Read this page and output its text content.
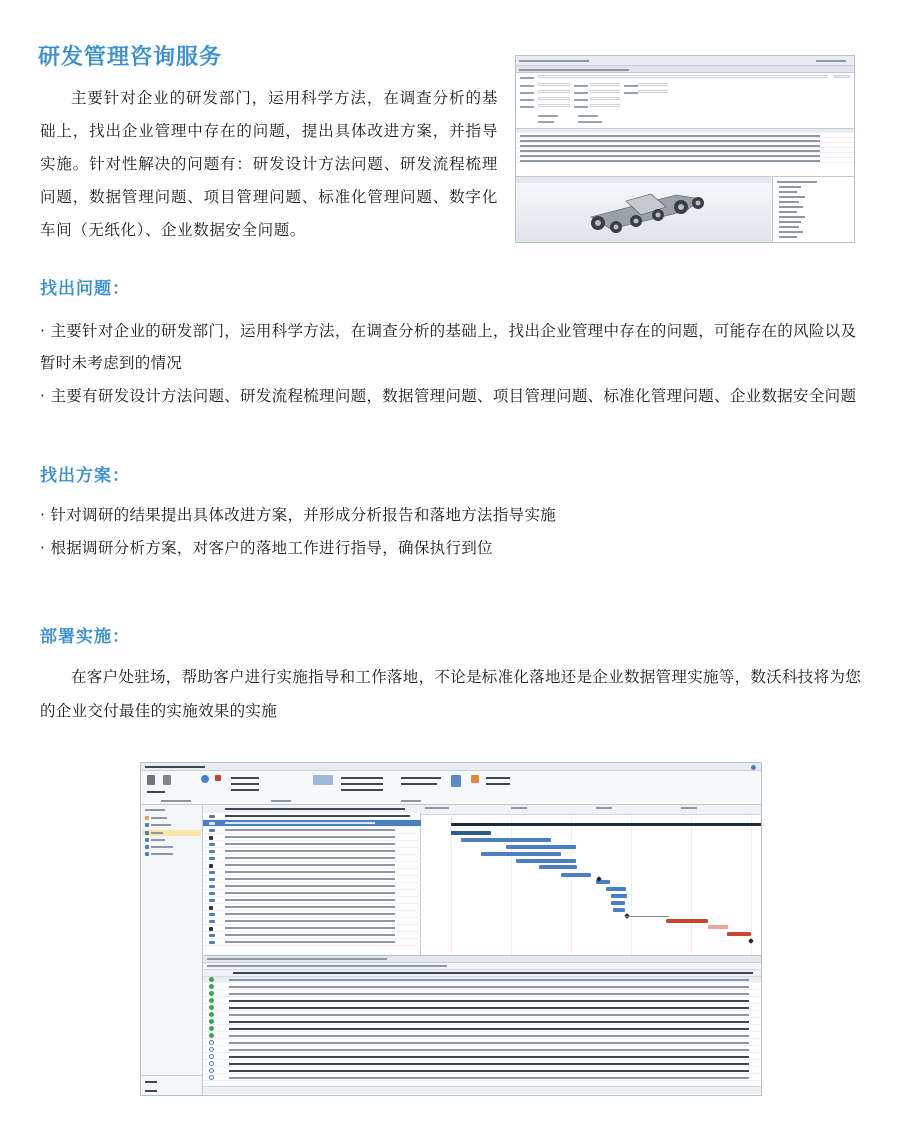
研发管理咨询服务

主要针对企业的研发部门，运用科学方法，在调查分析的基础上，找出企业管理中存在的问题，提出具体改进方案，并指导实施。针对性解决的问题有：研发设计方法问题、研发流程梳理问题，数据管理问题、项目管理问题、标准化管理问题、数字化车间（无纸化）、企业数据安全问题。

找出问题：

· 主要针对企业的研发部门，运用科学方法，在调查分析的基础上，找出企业管理中存在的问题，可能存在的风险以及暂时未考虑到的情况

· 主要有研发设计方法问题、研发流程梳理问题，数据管理问题、项目管理问题、标准化管理问题、企业数据安全问题

找出方案：

· 针对调研的结果提出具体改进方案，并形成分析报告和落地方法指导实施

· 根据调研分析方案，对客户的落地工作进行指导，确保执行到位

部署实施：

在客户处驻场，帮助客户进行实施指导和工作落地，不论是标准化落地还是企业数据管理实施等，数沃科技将为您的企业交付最佳的实施效果的实施
